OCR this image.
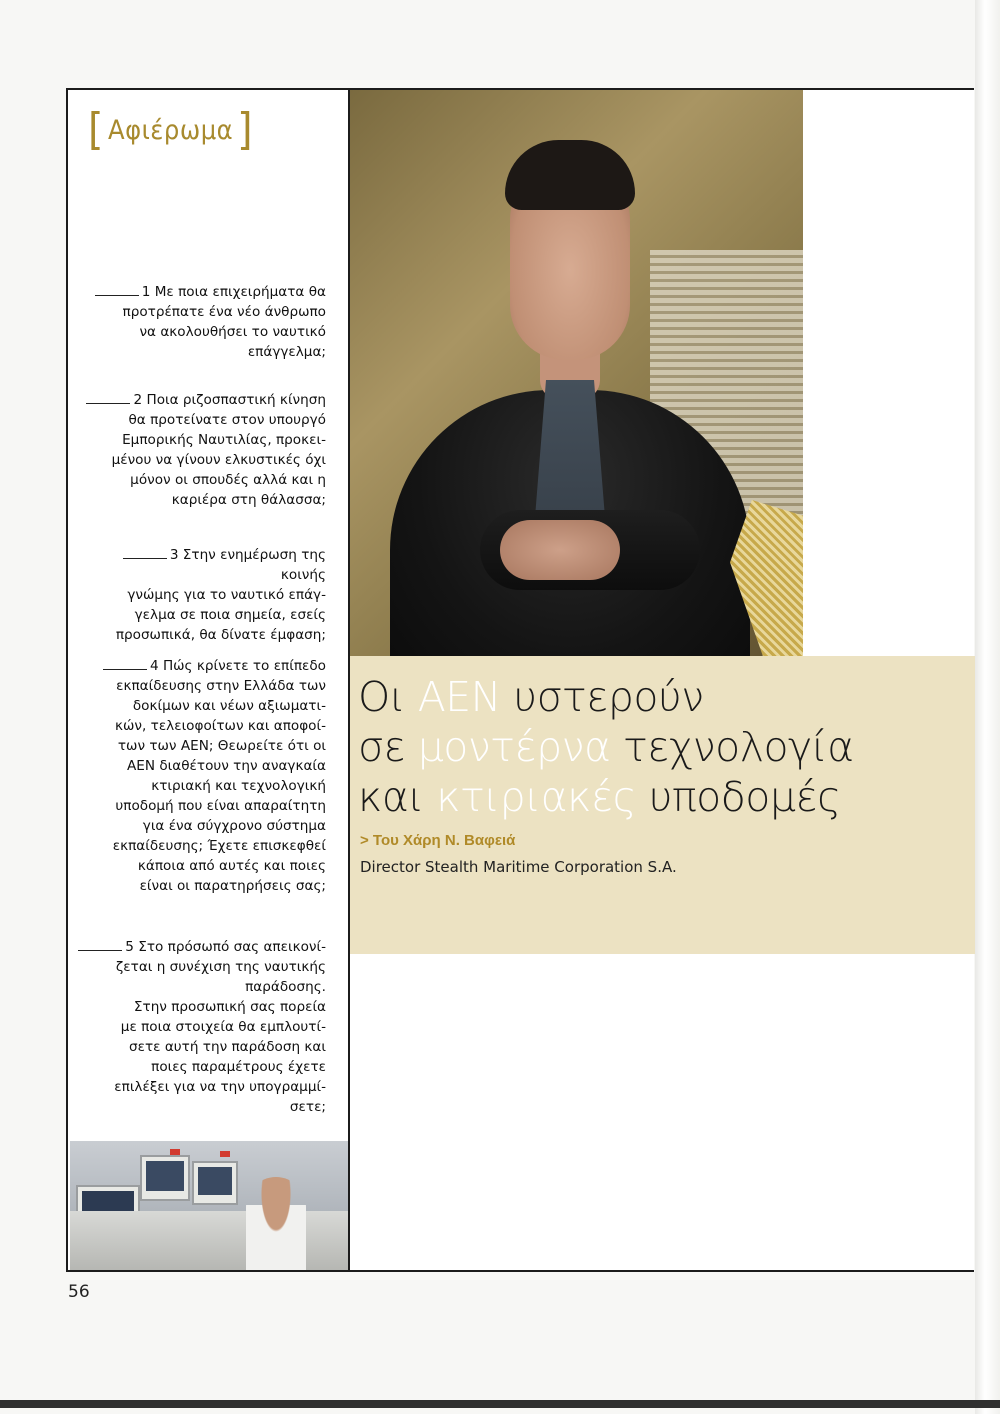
[ Αφιέρωμα ]

1 Με ποια επιχειρήματα θα

προτρέπατε ένα νέο άνθρωπο

να ακολουθήσει το ναυτικό

επάγγελμα;

2 Ποια ριζοσπαστική κίνηση

θα προτείνατε στον υπουργό

Εμπορικής Ναυτιλίας, προκει-

μένου να γίνουν ελκυστικές όχι

μόνον οι σπουδές αλλά και η

καριέρα στη θάλασσα;

3 Στην ενημέρωση της κοινής

γνώμης για το ναυτικό επάγ-

γελμα σε ποια σημεία, εσείς

προσωπικά, θα δίνατε έμφαση;

4 Πώς κρίνετε το επίπεδο

εκπαίδευσης στην Ελλάδα των

δοκίμων και νέων αξιωματι-

κών, τελειοφοίτων και αποφοί-

των των ΑΕΝ; Θεωρείτε ότι οι

ΑΕΝ διαθέτουν την αναγκαία

κτιριακή και τεχνολογική

υποδομή που είναι απαραίτητη

για ένα σύγχρονο σύστημα

εκπαίδευσης; Έχετε επισκεφθεί

κάποια από αυτές και ποιες

είναι οι παρατηρήσεις σας;

5 Στο πρόσωπό σας απεικονί-

ζεται η συνέχιση της ναυτικής

παράδοσης.

Στην προσωπική σας πορεία

με ποια στοιχεία θα εμπλουτί-

σετε αυτή την παράδοση και

ποιες παραμέτρους έχετε

επιλέξει για να την υπογραμμί-

σετε;

Οι ΑΕΝ υστερούν
σε μοντέρνα τεχνολογία
και κτιριακές υποδομές
> Του Χάρη Ν. Βαφειά
Director Stealth Maritime Corporation S.A.
56
